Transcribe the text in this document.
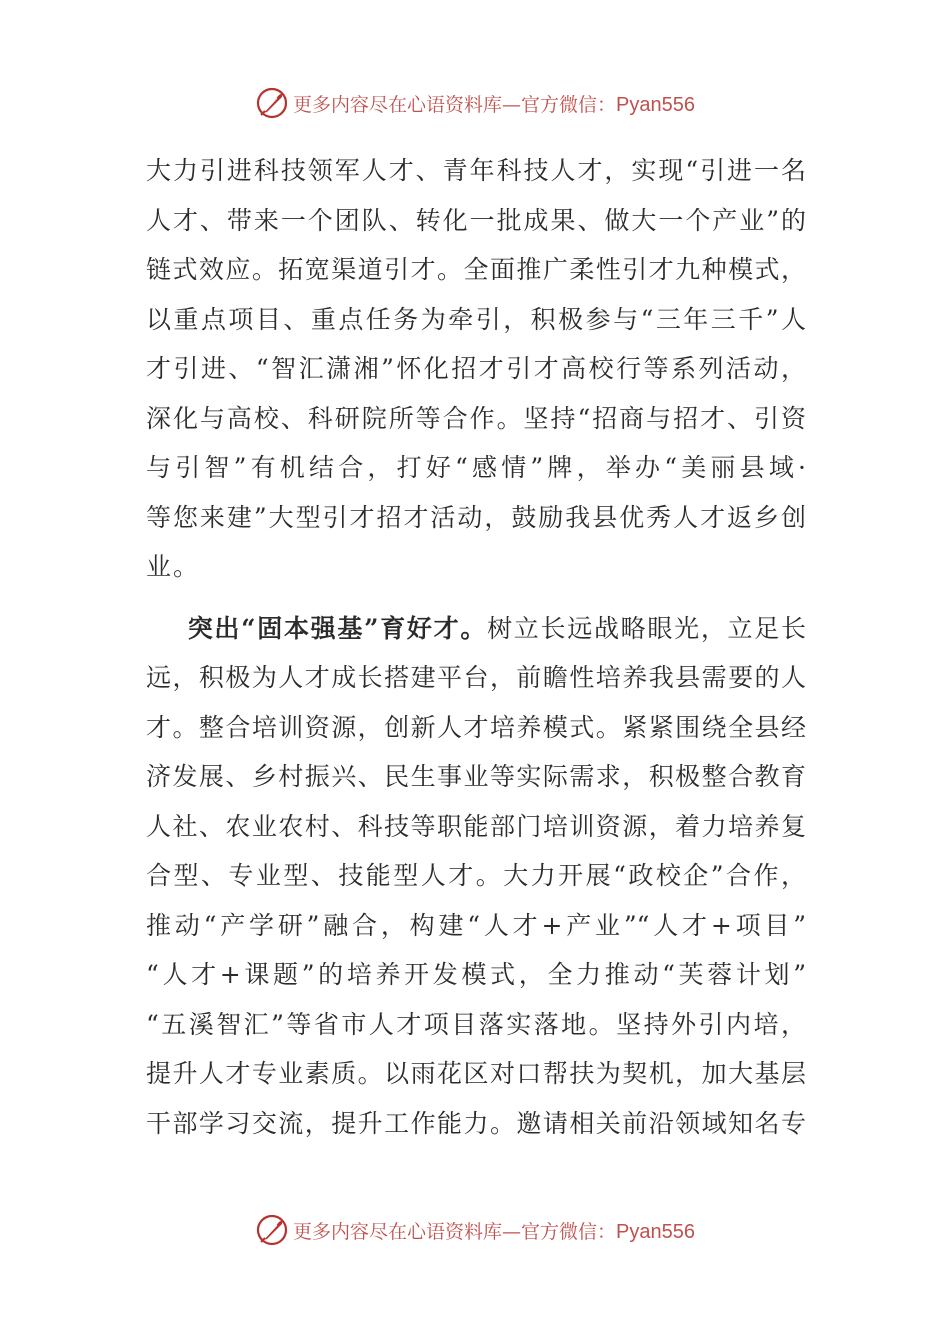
更多内容尽在心语资料库—官方微信：Pyan556
大力引进科技领军人才、青年科技人才，实现“引进一名
人才、带来一个团队、转化一批成果、做大一个产业”的
链式效应。拓宽渠道引才。全面推广柔性引才九种模式，
以重点项目、重点任务为牵引，积极参与“三年三千”人
才引进、“智汇潇湘”怀化招才引才高校行等系列活动，
深化与高校、科研院所等合作。坚持“招商与招才、引资
与引智”有机结合，打好“感情”牌，举办“美丽县域·
等您来建”大型引才招才活动，鼓励我县优秀人才返乡创
业。
突出“固本强基”育好才。树立长远战略眼光，立足长
远，积极为人才成长搭建平台，前瞻性培养我县需要的人
才。整合培训资源，创新人才培养模式。紧紧围绕全县经
济发展、乡村振兴、民生事业等实际需求，积极整合教育
人社、农业农村、科技等职能部门培训资源，着力培养复
合型、专业型、技能型人才。大力开展“政校企”合作，
推动“产学研”融合，构建“人才+产业”“人才+项目”
“人才+课题”的培养开发模式，全力推动“芙蓉计划”
“五溪智汇”等省市人才项目落实落地。坚持外引内培，
提升人才专业素质。以雨花区对口帮扶为契机，加大基层
干部学习交流，提升工作能力。邀请相关前沿领域知名专
更多内容尽在心语资料库—官方微信：Pyan556
